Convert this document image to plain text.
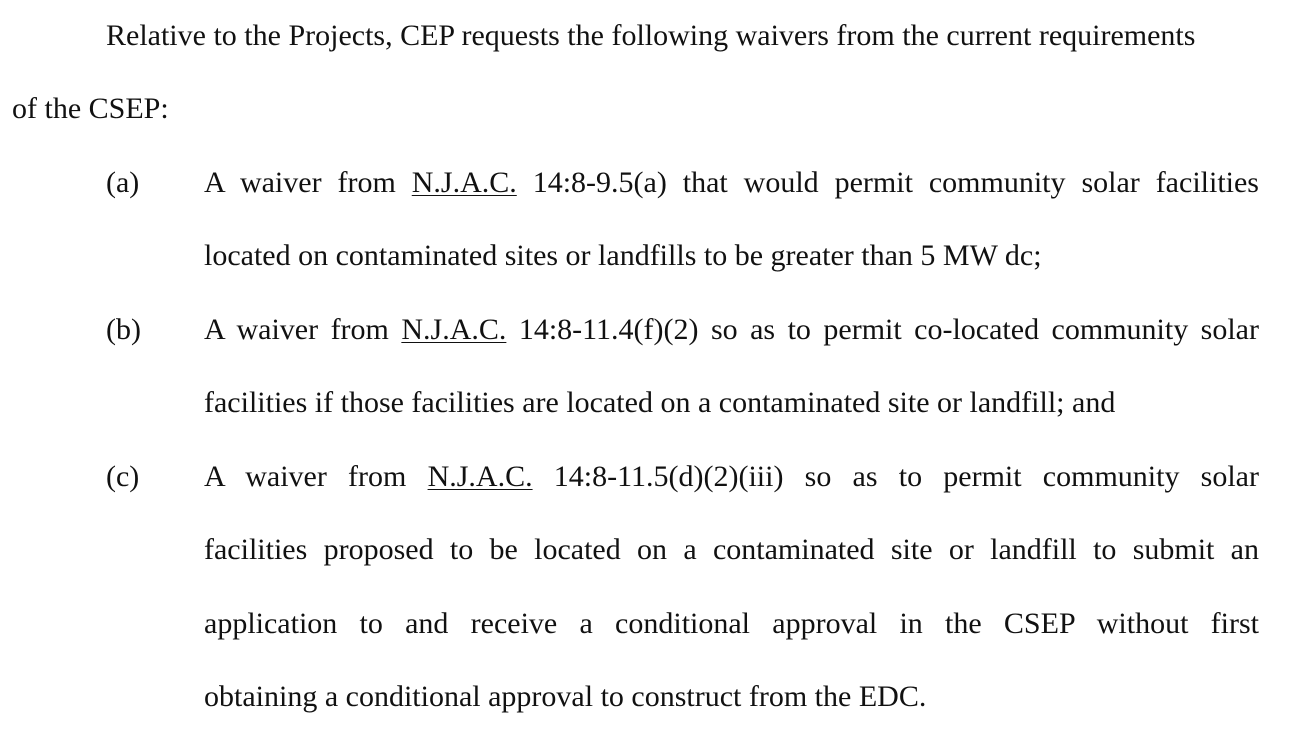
Relative to the Projects, CEP requests the following waivers from the current requirements
of the CSEP:
(a) A waiver from N.J.A.C. 14:8-9.5(a) that would permit community solar facilities
located on contaminated sites or landfills to be greater than 5 MW dc;
(b) A waiver from N.J.A.C. 14:8-11.4(f)(2) so as to permit co-located community solar
facilities if those facilities are located on a contaminated site or landfill; and
(c) A waiver from N.J.A.C. 14:8-11.5(d)(2)(iii) so as to permit community solar
facilities proposed to be located on a contaminated site or landfill to submit an
application to and receive a conditional approval in the CSEP without first
obtaining a conditional approval to construct from the EDC.
